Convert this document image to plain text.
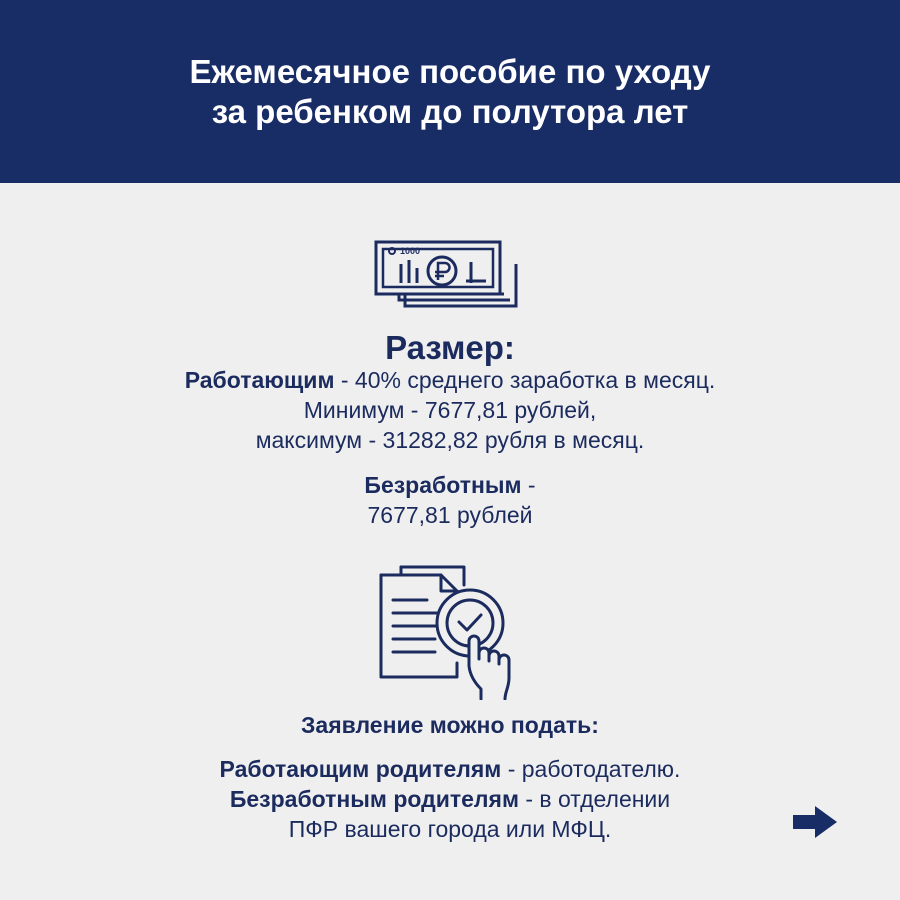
Ежемесячное пособие по уходу
за ребенком до полутора лет
1000
Размер:
Работающим - 40% среднего заработка в месяц.
Минимум - 7677,81 рублей,
максимум - 31282,82 рубля в месяц.
Безработным -
7677,81 рублей
Заявление можно подать:
Работающим родителям - работодателю.
Безработным родителям - в отделении
ПФР вашего города или МФЦ.
